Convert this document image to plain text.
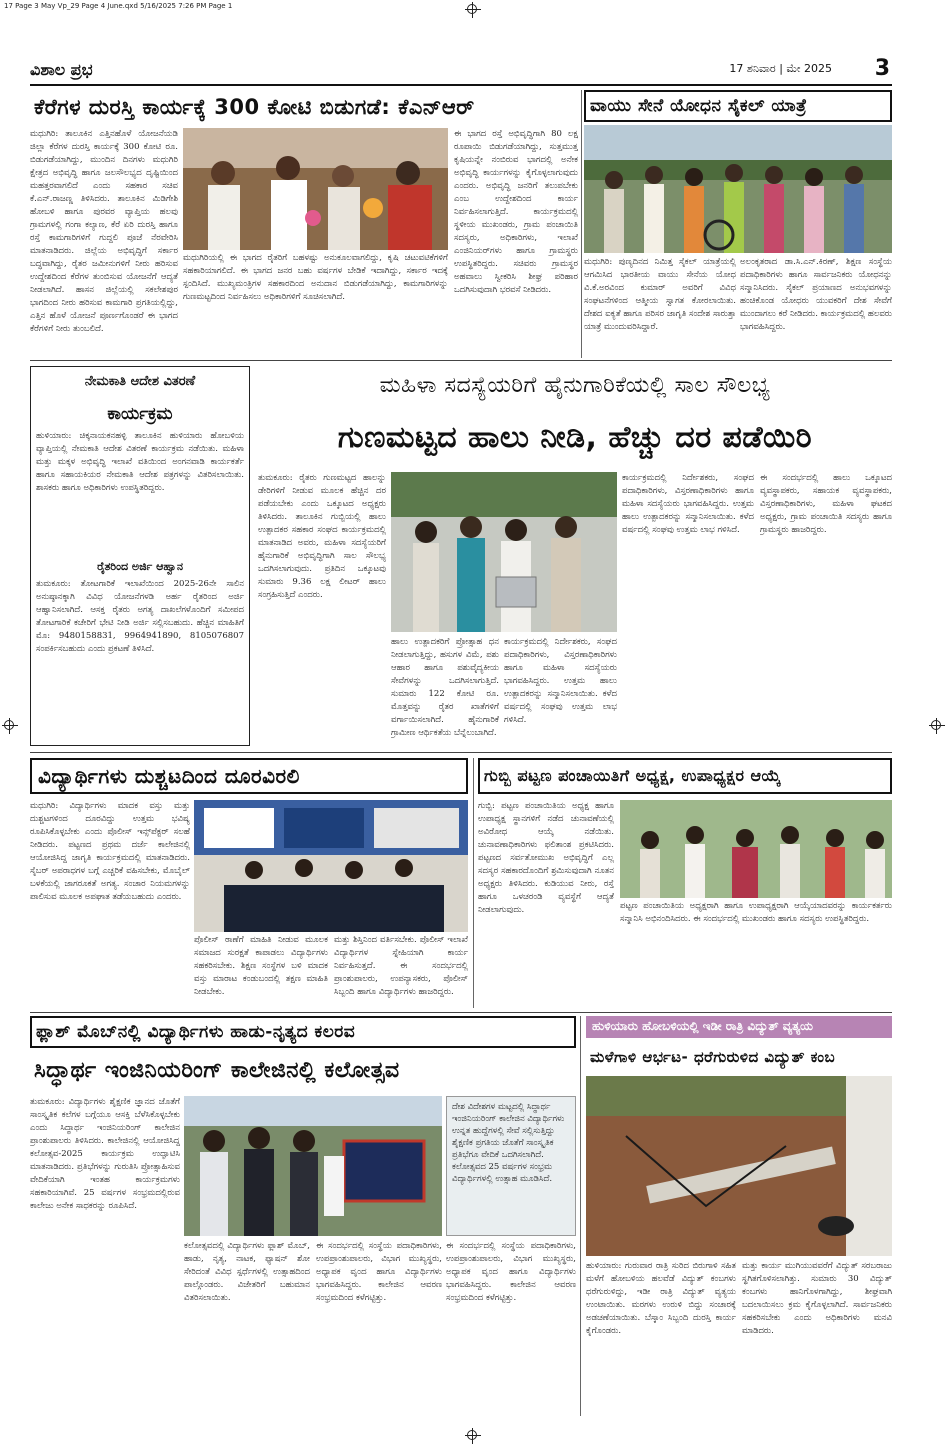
17 Page 3 May Vp_29 Page 4 June.qxd 5/16/2025 7:26 PM Page 1
ವಿಶಾಲ ಪ್ರಭ	17 ಶನಿವಾರ | ಮೇ 2025 3
ಕೆರೆಗಳ ದುರಸ್ತಿ ಕಾರ್ಯಕ್ಕೆ 300 ಕೋಟಿ ಬಿಡುಗಡೆ: ಕೆಎನ್‌ಆರ್
ಮಧುಗಿರಿ: ತಾಲೂಕಿನ ಎತ್ತಿನಹೊಳೆ ಯೋಜನೆಯಡಿ ಜಿಲ್ಲಾ ಕೆರೆಗಳ ದುರಸ್ತಿ ಕಾರ್ಯಕ್ಕೆ 300 ಕೋಟಿ ರೂ. ಬಿಡುಗಡೆಯಾಗಿದ್ದು, ಮುಂದಿನ ದಿನಗಳು ಮಧುಗಿರಿ ಕ್ಷೇತ್ರದ ಅಭಿವೃದ್ಧಿ ಹಾಗೂ ಜಲಸೌಲಭ್ಯದ ದೃಷ್ಟಿಯಿಂದ ಮಹತ್ತರವಾಗಲಿದೆ ಎಂದು ಸಹಕಾರ ಸಚಿವ ಕೆ.ಎನ್.ರಾಜಣ್ಣ ತಿಳಿಸಿದರು. ತಾಲೂಕಿನ ಮಿಡಿಗೇಶಿ ಹೋಬಳಿ ಹಾಗೂ ಪುರವರ ವ್ಯಾಪ್ತಿಯ ಹಲವು ಗ್ರಾಮಗಳಲ್ಲಿ ಗಂಗಾ ಕಲ್ಯಾಣ, ಕೆರೆ ಏರಿ ದುರಸ್ತಿ ಹಾಗೂ ರಸ್ತೆ ಕಾಮಗಾರಿಗಳಿಗೆ ಗುದ್ದಲಿ ಪೂಜೆ ನೆರವೇರಿಸಿ ಮಾತನಾಡಿದರು. ಜಿಲ್ಲೆಯ ಅಭಿವೃದ್ಧಿಗೆ ಸರ್ಕಾರ ಬದ್ಧವಾಗಿದ್ದು, ರೈತರ ಜಮೀನುಗಳಿಗೆ ನೀರು ಹರಿಸುವ ಉದ್ದೇಶದಿಂದ ಕೆರೆಗಳ ತುಂಬಿಸುವ ಯೋಜನೆಗೆ ಆದ್ಯತೆ ನೀಡಲಾಗಿದೆ. ಹಾಸನ ಜಿಲ್ಲೆಯಲ್ಲಿ ಸಕಲೇಶಪುರ ಭಾಗದಿಂದ ನೀರು ಹರಿಸುವ ಕಾಮಗಾರಿ ಪ್ರಗತಿಯಲ್ಲಿದ್ದು, ಎತ್ತಿನ ಹೊಳೆ ಯೋಜನೆ ಪೂರ್ಣಗೊಂಡರೆ ಈ ಭಾಗದ ಕೆರೆಗಳಿಗೆ ನೀರು ತುಂಬಲಿದೆ.
ಮಧುಗಿರಿಯಲ್ಲಿ ಈ ಭಾಗದ ರೈತರಿಗೆ ಬಹಳಷ್ಟು ಅನುಕೂಲವಾಗಲಿದ್ದು, ಕೃಷಿ ಚಟುವಟಿಕೆಗಳಿಗೆ ಸಹಕಾರಿಯಾಗಲಿದೆ. ಈ ಭಾಗದ ಜನರ ಬಹು ವರ್ಷಗಳ ಬೇಡಿಕೆ ಇದಾಗಿದ್ದು, ಸರ್ಕಾರ ಇದಕ್ಕೆ ಸ್ಪಂದಿಸಿದೆ. ಮುಖ್ಯಮಂತ್ರಿಗಳ ಸಹಕಾರದಿಂದ ಅನುದಾನ ಬಿಡುಗಡೆಯಾಗಿದ್ದು, ಕಾಮಗಾರಿಗಳನ್ನು ಗುಣಮಟ್ಟದಿಂದ ನಿರ್ವಹಿಸಲು ಅಧಿಕಾರಿಗಳಿಗೆ ಸೂಚಿಸಲಾಗಿದೆ.
ಈ ಭಾಗದ ರಸ್ತೆ ಅಭಿವೃದ್ಧಿಗಾಗಿ 80 ಲಕ್ಷ ರೂಪಾಯಿ ಬಿಡುಗಡೆಯಾಗಿದ್ದು, ಸುತ್ತಮುತ್ತ ಕೃಷಿಯನ್ನೇ ನಂಬಿರುವ ಭಾಗದಲ್ಲಿ ಅನೇಕ ಅಭಿವೃದ್ಧಿ ಕಾರ್ಯಗಳನ್ನು ಕೈಗೊಳ್ಳಲಾಗುವುದು ಎಂದರು. ಅಭಿವೃದ್ಧಿ ಜನರಿಗೆ ತಲುಪಬೇಕು ಎಂಬ ಉದ್ದೇಶದಿಂದ ಕಾರ್ಯ ನಿರ್ವಹಿಸಲಾಗುತ್ತಿದೆ. ಕಾರ್ಯಕ್ರಮದಲ್ಲಿ ಸ್ಥಳೀಯ ಮುಖಂಡರು, ಗ್ರಾಮ ಪಂಚಾಯಿತಿ ಸದಸ್ಯರು, ಅಧಿಕಾರಿಗಳು, ಇಲಾಖೆ ಎಂಜಿನಿಯರ್‌ಗಳು ಹಾಗೂ ಗ್ರಾಮಸ್ಥರು ಉಪಸ್ಥಿತರಿದ್ದರು. ಸಚಿವರು ಗ್ರಾಮಸ್ಥರ ಅಹವಾಲು ಸ್ವೀಕರಿಸಿ ಶೀಘ್ರ ಪರಿಹಾರ ಒದಗಿಸುವುದಾಗಿ ಭರವಸೆ ನೀಡಿದರು.
ವಾಯು ಸೇನೆ ಯೋಧನ ಸೈಕಲ್ ಯಾತ್ರೆ
ಮಧುಗಿರಿ: ಪುಣ್ಯದಿನದ ನಿಮಿತ್ತ ಸೈಕಲ್ ಯಾತ್ರೆಯಲ್ಲಿ ಆಗಮಿಸಿದ ಭಾರತೀಯ ವಾಯು ಸೇನೆಯ ಯೋಧ ವಿ.ಕೆ.ಅರವಿಂದ ಕುಮಾರ್ ಅವರಿಗೆ ವಿವಿಧ ಸಂಘಟನೆಗಳಿಂದ ಆತ್ಮೀಯ ಸ್ವಾಗತ ಕೋರಲಾಯಿತು. ದೇಶದ ಐಕ್ಯತೆ ಹಾಗೂ ಪರಿಸರ ಜಾಗೃತಿ ಸಂದೇಶ ಸಾರುತ್ತಾ ಯಾತ್ರೆ ಮುಂದುವರಿಸಿದ್ದಾರೆ.
ಅಲಂಕೃತರಾದ ಡಾ.ಸಿ.ಎನ್.ಕಿರಣ್, ಶಿಕ್ಷಣ ಸಂಸ್ಥೆಯ ಪದಾಧಿಕಾರಿಗಳು ಹಾಗೂ ಸಾರ್ವಜನಿಕರು ಯೋಧನನ್ನು ಸನ್ಮಾನಿಸಿದರು. ಸೈಕಲ್ ಪ್ರಯಾಣದ ಅನುಭವಗಳನ್ನು ಹಂಚಿಕೊಂಡ ಯೋಧರು ಯುವಕರಿಗೆ ದೇಶ ಸೇವೆಗೆ ಮುಂದಾಗಲು ಕರೆ ನೀಡಿದರು. ಕಾರ್ಯಕ್ರಮದಲ್ಲಿ ಹಲವರು ಭಾಗವಹಿಸಿದ್ದರು.
ನೇಮಕಾತಿ ಆದೇಶ ವಿತರಣೆ
ಕಾರ್ಯಕ್ರಮ
ಹುಳಿಯಾರು: ಚಿಕ್ಕನಾಯಕನಹಳ್ಳಿ ತಾಲೂಕಿನ ಹುಳಿಯಾರು ಹೋಬಳಿಯ ವ್ಯಾಪ್ತಿಯಲ್ಲಿ ನೇಮಕಾತಿ ಆದೇಶ ವಿತರಣೆ ಕಾರ್ಯಕ್ರಮ ನಡೆಯಿತು. ಮಹಿಳಾ ಮತ್ತು ಮಕ್ಕಳ ಅಭಿವೃದ್ಧಿ ಇಲಾಖೆ ವತಿಯಿಂದ ಅಂಗನವಾಡಿ ಕಾರ್ಯಕರ್ತೆ ಹಾಗೂ ಸಹಾಯಕಿಯರ ನೇಮಕಾತಿ ಆದೇಶ ಪತ್ರಗಳನ್ನು ವಿತರಿಸಲಾಯಿತು. ಶಾಸಕರು ಹಾಗೂ ಅಧಿಕಾರಿಗಳು ಉಪಸ್ಥಿತರಿದ್ದರು.
ರೈತರಿಂದ ಅರ್ಜಿ ಆಹ್ವಾನ
ತುಮಕೂರು: ತೋಟಗಾರಿಕೆ ಇಲಾಖೆಯಿಂದ 2025-26ನೇ ಸಾಲಿನ ಅನುಷ್ಠಾನಕ್ಕಾಗಿ ವಿವಿಧ ಯೋಜನೆಗಳಡಿ ಅರ್ಹ ರೈತರಿಂದ ಅರ್ಜಿ ಆಹ್ವಾನಿಸಲಾಗಿದೆ. ಆಸಕ್ತ ರೈತರು ಅಗತ್ಯ ದಾಖಲೆಗಳೊಂದಿಗೆ ಸಮೀಪದ ತೋಟಗಾರಿಕೆ ಕಚೇರಿಗೆ ಭೇಟಿ ನೀಡಿ ಅರ್ಜಿ ಸಲ್ಲಿಸಬಹುದು. ಹೆಚ್ಚಿನ ಮಾಹಿತಿಗೆ ಮೊ: 9480158831, 9964941890, 8105076807 ಸಂಪರ್ಕಿಸಬಹುದು ಎಂದು ಪ್ರಕಟಣೆ ತಿಳಿಸಿದೆ.
ಮಹಿಳಾ ಸದಸ್ಯೆಯರಿಗೆ ಹೈನುಗಾರಿಕೆಯಲ್ಲಿ ಸಾಲ ಸೌಲಭ್ಯ
ಗುಣಮಟ್ಟದ ಹಾಲು ನೀಡಿ, ಹೆಚ್ಚು ದರ ಪಡೆಯಿರಿ
ತುಮಕೂರು: ರೈತರು ಗುಣಮಟ್ಟದ ಹಾಲನ್ನು ಡೇರಿಗಳಿಗೆ ನೀಡುವ ಮೂಲಕ ಹೆಚ್ಚಿನ ದರ ಪಡೆಯಬೇಕು ಎಂದು ಒಕ್ಕೂಟದ ಅಧ್ಯಕ್ಷರು ತಿಳಿಸಿದರು. ತಾಲೂಕಿನ ಗುಬ್ಬಿಯಲ್ಲಿ ಹಾಲು ಉತ್ಪಾದಕರ ಸಹಕಾರ ಸಂಘದ ಕಾರ್ಯಕ್ರಮದಲ್ಲಿ ಮಾತನಾಡಿದ ಅವರು, ಮಹಿಳಾ ಸದಸ್ಯೆಯರಿಗೆ ಹೈನುಗಾರಿಕೆ ಅಭಿವೃದ್ಧಿಗಾಗಿ ಸಾಲ ಸೌಲಭ್ಯ ಒದಗಿಸಲಾಗುವುದು. ಪ್ರತಿದಿನ ಒಕ್ಕೂಟವು ಸುಮಾರು 9.36 ಲಕ್ಷ ಲೀಟರ್ ಹಾಲು ಸಂಗ್ರಹಿಸುತ್ತಿದೆ ಎಂದರು.
ಹಾಲು ಉತ್ಪಾದಕರಿಗೆ ಪ್ರೋತ್ಸಾಹ ಧನ ನೀಡಲಾಗುತ್ತಿದ್ದು, ಹಸುಗಳ ವಿಮೆ, ಪಶು ಆಹಾರ ಹಾಗೂ ಪಶುವೈದ್ಯಕೀಯ ಸೇವೆಗಳನ್ನು ಒದಗಿಸಲಾಗುತ್ತಿದೆ. ಸುಮಾರು 122 ಕೋಟಿ ರೂ. ಮೊತ್ತವನ್ನು ರೈತರ ಖಾತೆಗಳಿಗೆ ವರ್ಗಾಯಿಸಲಾಗಿದೆ. ಹೈನುಗಾರಿಕೆ ಗ್ರಾಮೀಣ ಆರ್ಥಿಕತೆಯ ಬೆನ್ನೆಲುಬಾಗಿದೆ.
ಕಾರ್ಯಕ್ರಮದಲ್ಲಿ ನಿರ್ದೇಶಕರು, ಸಂಘದ ಪದಾಧಿಕಾರಿಗಳು, ವಿಸ್ತರಣಾಧಿಕಾರಿಗಳು ಹಾಗೂ ಮಹಿಳಾ ಸದಸ್ಯೆಯರು ಭಾಗವಹಿಸಿದ್ದರು. ಉತ್ತಮ ಹಾಲು ಉತ್ಪಾದಕರನ್ನು ಸನ್ಮಾನಿಸಲಾಯಿತು. ಕಳೆದ ವರ್ಷದಲ್ಲಿ ಸಂಘವು ಉತ್ತಮ ಲಾಭ ಗಳಿಸಿದೆ.
ಕಾರ್ಯಕ್ರಮದಲ್ಲಿ ನಿರ್ದೇಶಕರು, ಸಂಘದ ಪದಾಧಿಕಾರಿಗಳು, ವಿಸ್ತರಣಾಧಿಕಾರಿಗಳು ಹಾಗೂ ಮಹಿಳಾ ಸದಸ್ಯೆಯರು ಭಾಗವಹಿಸಿದ್ದರು. ಉತ್ತಮ ಹಾಲು ಉತ್ಪಾದಕರನ್ನು ಸನ್ಮಾನಿಸಲಾಯಿತು. ಕಳೆದ ವರ್ಷದಲ್ಲಿ ಸಂಘವು ಉತ್ತಮ ಲಾಭ ಗಳಿಸಿದೆ.
ಈ ಸಂದರ್ಭದಲ್ಲಿ ಹಾಲು ಒಕ್ಕೂಟದ ವ್ಯವಸ್ಥಾಪಕರು, ಸಹಾಯಕ ವ್ಯವಸ್ಥಾಪಕರು, ವಿಸ್ತರಣಾಧಿಕಾರಿಗಳು, ಮಹಿಳಾ ಘಟಕದ ಅಧ್ಯಕ್ಷರು, ಗ್ರಾಮ ಪಂಚಾಯಿತಿ ಸದಸ್ಯರು ಹಾಗೂ ಗ್ರಾಮಸ್ಥರು ಹಾಜರಿದ್ದರು.
ವಿದ್ಯಾರ್ಥಿಗಳು ದುಶ್ಚಟದಿಂದ ದೂರವಿರಲಿ
ಮಧುಗಿರಿ: ವಿದ್ಯಾರ್ಥಿಗಳು ಮಾದಕ ವಸ್ತು ಮತ್ತು ದುಶ್ಚಟಗಳಿಂದ ದೂರವಿದ್ದು ಉತ್ತಮ ಭವಿಷ್ಯ ರೂಪಿಸಿಕೊಳ್ಳಬೇಕು ಎಂದು ಪೊಲೀಸ್ ಇನ್ಸ್‌ಪೆಕ್ಟರ್ ಸಲಹೆ ನೀಡಿದರು. ಪಟ್ಟಣದ ಪ್ರಥಮ ದರ್ಜೆ ಕಾಲೇಜಿನಲ್ಲಿ ಆಯೋಜಿಸಿದ್ದ ಜಾಗೃತಿ ಕಾರ್ಯಕ್ರಮದಲ್ಲಿ ಮಾತನಾಡಿದರು. ಸೈಬರ್ ಅಪರಾಧಗಳ ಬಗ್ಗೆ ಎಚ್ಚರಿಕೆ ವಹಿಸಬೇಕು, ಮೊಬೈಲ್ ಬಳಕೆಯಲ್ಲಿ ಜಾಗರೂಕತೆ ಅಗತ್ಯ. ಸಂಚಾರ ನಿಯಮಗಳನ್ನು ಪಾಲಿಸುವ ಮೂಲಕ ಅಪಘಾತ ತಡೆಯಬಹುದು ಎಂದರು.
ಪೊಲೀಸ್ ಠಾಣೆಗೆ ಮಾಹಿತಿ ನೀಡುವ ಮೂಲಕ ಸಮಾಜದ ಸುರಕ್ಷತೆ ಕಾಪಾಡಲು ವಿದ್ಯಾರ್ಥಿಗಳು ಸಹಕರಿಸಬೇಕು. ಶಿಕ್ಷಣ ಸಂಸ್ಥೆಗಳ ಬಳಿ ಮಾದಕ ವಸ್ತು ಮಾರಾಟ ಕಂಡುಬಂದಲ್ಲಿ ತಕ್ಷಣ ಮಾಹಿತಿ ನೀಡಬೇಕು.
ಮತ್ತು ಶಿಸ್ತಿನಿಂದ ವರ್ತಿಸಬೇಕು. ಪೊಲೀಸ್ ಇಲಾಖೆ ವಿದ್ಯಾರ್ಥಿಗಳ ಸ್ನೇಹಿಯಾಗಿ ಕಾರ್ಯ ನಿರ್ವಹಿಸುತ್ತದೆ. ಈ ಸಂದರ್ಭದಲ್ಲಿ ಪ್ರಾಂಶುಪಾಲರು, ಉಪನ್ಯಾಸಕರು, ಪೊಲೀಸ್ ಸಿಬ್ಬಂದಿ ಹಾಗೂ ವಿದ್ಯಾರ್ಥಿಗಳು ಹಾಜರಿದ್ದರು.
ಗುಬ್ಬಿ ಪಟ್ಟಣ ಪಂಚಾಯಿತಿಗೆ ಅಧ್ಯಕ್ಷ, ಉಪಾಧ್ಯಕ್ಷರ ಆಯ್ಕೆ
ಗುಬ್ಬಿ: ಪಟ್ಟಣ ಪಂಚಾಯಿತಿಯ ಅಧ್ಯಕ್ಷ ಹಾಗೂ ಉಪಾಧ್ಯಕ್ಷ ಸ್ಥಾನಗಳಿಗೆ ನಡೆದ ಚುನಾವಣೆಯಲ್ಲಿ ಅವಿರೋಧ ಆಯ್ಕೆ ನಡೆಯಿತು. ಚುನಾವಣಾಧಿಕಾರಿಗಳು ಫಲಿತಾಂಶ ಪ್ರಕಟಿಸಿದರು. ಪಟ್ಟಣದ ಸರ್ವತೋಮುಖ ಅಭಿವೃದ್ಧಿಗೆ ಎಲ್ಲ ಸದಸ್ಯರ ಸಹಕಾರದೊಂದಿಗೆ ಶ್ರಮಿಸುವುದಾಗಿ ನೂತನ ಅಧ್ಯಕ್ಷರು ತಿಳಿಸಿದರು. ಕುಡಿಯುವ ನೀರು, ರಸ್ತೆ ಹಾಗೂ ಒಳಚರಂಡಿ ವ್ಯವಸ್ಥೆಗೆ ಆದ್ಯತೆ ನೀಡಲಾಗುವುದು.	ಪಟ್ಟಣ ಪಂಚಾಯಿತಿಯ ಅಧ್ಯಕ್ಷರಾಗಿ ಹಾಗೂ ಉಪಾಧ್ಯಕ್ಷರಾಗಿ ಆಯ್ಕೆಯಾದವರನ್ನು ಕಾರ್ಯಕರ್ತರು ಸನ್ಮಾನಿಸಿ ಅಭಿನಂದಿಸಿದರು. ಈ ಸಂದರ್ಭದಲ್ಲಿ ಮುಖಂಡರು ಹಾಗೂ ಸದಸ್ಯರು ಉಪಸ್ಥಿತರಿದ್ದರು.
ಫ್ಲಾಶ್ ಮೊಬ್‌ನಲ್ಲಿ ವಿದ್ಯಾರ್ಥಿಗಳು ಹಾಡು-ನೃತ್ಯದ ಕಲರವ
ಸಿದ್ಧಾರ್ಥ ಇಂಜಿನಿಯರಿಂಗ್ ಕಾಲೇಜಿನಲ್ಲಿ ಕಲೋತ್ಸವ
ತುಮಕೂರು: ವಿದ್ಯಾರ್ಥಿಗಳು ಶೈಕ್ಷಣಿಕ ಜ್ಞಾನದ ಜೊತೆಗೆ ಸಾಂಸ್ಕೃತಿಕ ಕಲೆಗಳ ಬಗ್ಗೆಯೂ ಆಸಕ್ತಿ ಬೆಳೆಸಿಕೊಳ್ಳಬೇಕು ಎಂದು ಸಿದ್ಧಾರ್ಥ ಇಂಜಿನಿಯರಿಂಗ್ ಕಾಲೇಜಿನ ಪ್ರಾಂಶುಪಾಲರು ತಿಳಿಸಿದರು. ಕಾಲೇಜಿನಲ್ಲಿ ಆಯೋಜಿಸಿದ್ದ ಕಲೋತ್ಸವ-2025 ಕಾರ್ಯಕ್ರಮ ಉದ್ಘಾಟಿಸಿ ಮಾತನಾಡಿದರು. ಪ್ರತಿಭೆಗಳನ್ನು ಗುರುತಿಸಿ ಪ್ರೋತ್ಸಾಹಿಸುವ ವೇದಿಕೆಯಾಗಿ ಇಂತಹ ಕಾರ್ಯಕ್ರಮಗಳು ಸಹಕಾರಿಯಾಗಿವೆ. 25 ವರ್ಷಗಳ ಸಂಭ್ರಮದಲ್ಲಿರುವ ಕಾಲೇಜು ಅನೇಕ ಸಾಧಕರನ್ನು ರೂಪಿಸಿದೆ.
ದೇಶ ವಿದೇಶಗಳ ಮಟ್ಟದಲ್ಲಿ ಸಿದ್ಧಾರ್ಥ ಇಂಜಿನಿಯರಿಂಗ್ ಕಾಲೇಜಿನ ವಿದ್ಯಾರ್ಥಿಗಳು ಉನ್ನತ ಹುದ್ದೆಗಳಲ್ಲಿ ಸೇವೆ ಸಲ್ಲಿಸುತ್ತಿದ್ದು ಶೈಕ್ಷಣಿಕ ಪ್ರಗತಿಯ ಜೊತೆಗೆ ಸಾಂಸ್ಕೃತಿಕ ಪ್ರತಿಭೆಗೂ ವೇದಿಕೆ ಒದಗಿಸಲಾಗಿದೆ. ಕಲೋತ್ಸವದ 25 ವರ್ಷಗಳ ಸಂಭ್ರಮ ವಿದ್ಯಾರ್ಥಿಗಳಲ್ಲಿ ಉತ್ಸಾಹ ಮೂಡಿಸಿದೆ.
ಕಲೋತ್ಸವದಲ್ಲಿ ವಿದ್ಯಾರ್ಥಿಗಳು ಫ್ಲಾಶ್ ಮೊಬ್, ಹಾಡು, ನೃತ್ಯ, ನಾಟಕ, ಫ್ಯಾಷನ್ ಶೋ ಸೇರಿದಂತೆ ವಿವಿಧ ಸ್ಪರ್ಧೆಗಳಲ್ಲಿ ಉತ್ಸಾಹದಿಂದ ಪಾಲ್ಗೊಂಡರು. ವಿಜೇತರಿಗೆ ಬಹುಮಾನ ವಿತರಿಸಲಾಯಿತು.
ಈ ಸಂದರ್ಭದಲ್ಲಿ ಸಂಸ್ಥೆಯ ಪದಾಧಿಕಾರಿಗಳು, ಉಪಪ್ರಾಂಶುಪಾಲರು, ವಿಭಾಗ ಮುಖ್ಯಸ್ಥರು, ಅಧ್ಯಾಪಕ ವೃಂದ ಹಾಗೂ ವಿದ್ಯಾರ್ಥಿಗಳು ಭಾಗವಹಿಸಿದ್ದರು. ಕಾಲೇಜಿನ ಆವರಣ ಸಂಭ್ರಮದಿಂದ ಕಳೆಗಟ್ಟಿತ್ತು.
ಈ ಸಂದರ್ಭದಲ್ಲಿ ಸಂಸ್ಥೆಯ ಪದಾಧಿಕಾರಿಗಳು, ಉಪಪ್ರಾಂಶುಪಾಲರು, ವಿಭಾಗ ಮುಖ್ಯಸ್ಥರು, ಅಧ್ಯಾಪಕ ವೃಂದ ಹಾಗೂ ವಿದ್ಯಾರ್ಥಿಗಳು ಭಾಗವಹಿಸಿದ್ದರು. ಕಾಲೇಜಿನ ಆವರಣ ಸಂಭ್ರಮದಿಂದ ಕಳೆಗಟ್ಟಿತ್ತು.
ಹುಳಿಯಾರು ಹೋಬಳಿಯಲ್ಲಿ ಇಡೀ ರಾತ್ರಿ ವಿದ್ಯುತ್ ವ್ಯತ್ಯಯ
ಮಳೆಗಾಳಿ ಆರ್ಭಟ- ಧರೆಗುರುಳಿದ ವಿದ್ಯುತ್ ಕಂಬ
ಹುಳಿಯಾರು: ಗುರುವಾರ ರಾತ್ರಿ ಸುರಿದ ಬಿರುಗಾಳಿ ಸಹಿತ ಮಳೆಗೆ ಹೋಬಳಿಯ ಹಲವೆಡೆ ವಿದ್ಯುತ್ ಕಂಬಗಳು ಧರೆಗುರುಳಿದ್ದು, ಇಡೀ ರಾತ್ರಿ ವಿದ್ಯುತ್ ವ್ಯತ್ಯಯ ಉಂಟಾಯಿತು. ಮರಗಳು ಉರುಳಿ ಬಿದ್ದು ಸಂಚಾರಕ್ಕೆ ಅಡಚಣೆಯಾಯಿತು. ಬೆಸ್ಕಾಂ ಸಿಬ್ಬಂದಿ ದುರಸ್ತಿ ಕಾರ್ಯ ಕೈಗೊಂಡರು.
ಮತ್ತು ಕಾರ್ಯ ಮುಗಿಯುವವರೆಗೆ ವಿದ್ಯುತ್ ಸರಬರಾಜು ಸ್ಥಗಿತಗೊಳಿಸಲಾಗಿತ್ತು. ಸುಮಾರು 30 ವಿದ್ಯುತ್ ಕಂಬಗಳು ಹಾನಿಗೊಳಗಾಗಿದ್ದು, ಶೀಘ್ರವಾಗಿ ಬದಲಾಯಿಸಲು ಕ್ರಮ ಕೈಗೊಳ್ಳಲಾಗಿದೆ. ಸಾರ್ವಜನಿಕರು ಸಹಕರಿಸಬೇಕು ಎಂದು ಅಧಿಕಾರಿಗಳು ಮನವಿ ಮಾಡಿದರು.
